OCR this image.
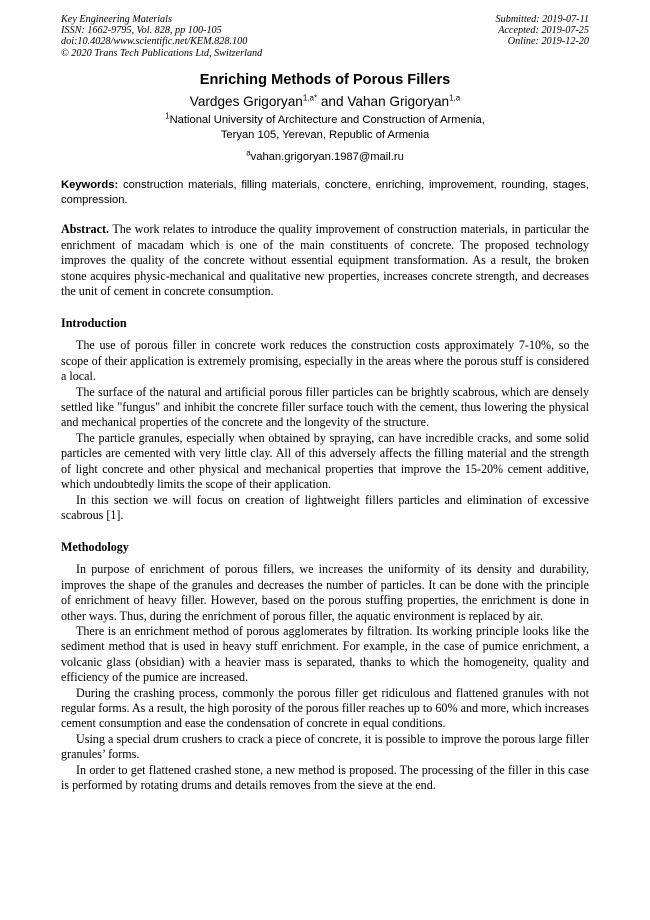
Key Engineering Materials
ISSN: 1662-9795, Vol. 828, pp 100-105
doi:10.4028/www.scientific.net/KEM.828.100
© 2020 Trans Tech Publications Ltd, Switzerland
Submitted: 2019-07-11
Accepted: 2019-07-25
Online: 2019-12-20
Enriching Methods of Porous Fillers
Vardges Grigoryan$^{1,a*}$ and Vahan Grigoryan$^{1,a}$
$^1$National University of Architecture and Construction of Armenia,
Teryan 105, Yerevan, Republic of Armenia
$^a$vahan.grigoryan.1987@mail.ru
Keywords: construction materials, filling materials, conctere, enriching, improvement, rounding, stages, compression.
Abstract. The work relates to introduce the quality improvement of construction materials, in particular the enrichment of macadam which is one of the main constituents of concrete. The proposed technology improves the quality of the concrete without essential equipment transformation. As a result, the broken stone acquires physic-mechanical and qualitative new properties, increases concrete strength, and decreases the unit of cement in concrete consumption.
Introduction

The use of porous filler in concrete work reduces the construction costs approximately 7-10%, so the scope of their application is extremely promising, especially in the areas where the porous stuff is considered a local.

The surface of the natural and artificial porous filler particles can be brightly scabrous, which are densely settled like "fungus" and inhibit the concrete filler surface touch with the cement, thus lowering the physical and mechanical properties of the concrete and the longevity of the structure.

The particle granules, especially when obtained by spraying, can have incredible cracks, and some solid particles are cemented with very little clay. All of this adversely affects the filling material and the strength of light concrete and other physical and mechanical properties that improve the 15-20% cement additive, which undoubtedly limits the scope of their application.

In this section we will focus on creation of lightweight fillers particles and elimination of excessive scabrous [1].

Methodology

In purpose of enrichment of porous fillers, we increases the uniformity of its density and durability, improves the shape of the granules and decreases the number of particles. It can be done with the principle of enrichment of heavy filler. However, based on the porous stuffing properties, the enrichment is done in other ways. Thus, during the enrichment of porous filler, the aquatic environment is replaced by air.

There is an enrichment method of porous agglomerates by filtration. Its working principle looks like the sediment method that is used in heavy stuff enrichment. For example, in the case of pumice enrichment, a volcanic glass (obsidian) with a heavier mass is separated, thanks to which the homogeneity, quality and efficiency of the pumice are increased.

During the crashing process, commonly the porous filler get ridiculous and flattened granules with not regular forms. As a result, the high porosity of the porous filler reaches up to 60% and more, which increases cement consumption and ease the condensation of concrete in equal conditions.

Using a special drum crushers to crack a piece of concrete, it is possible to improve the porous large filler granules’ forms.

In order to get flattened crashed stone, a new method is proposed. The processing of the filler in this case is performed by rotating drums and details removes from the sieve at the end.
